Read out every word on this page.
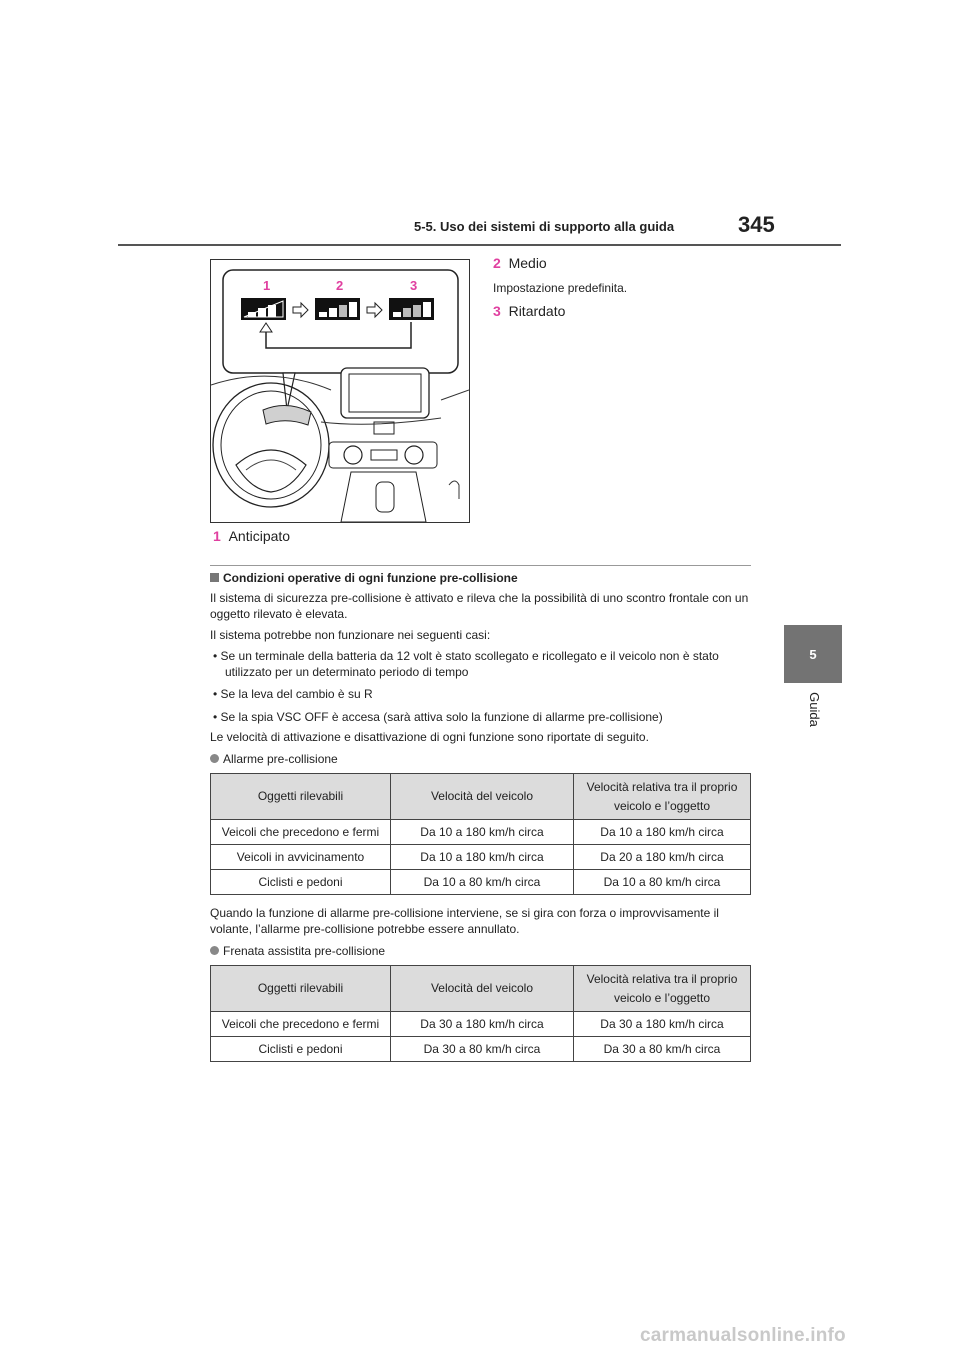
5-5. Uso dei sistemi di supporto alla guida	345
5
Guida
1	2	3
2 Medio
Impostazione predefinita.
3 Ritardato
1 Anticipato
Condizioni operative di ogni funzione pre-collisione
Il sistema di sicurezza pre-collisione è attivato e rileva che la possibilità di uno scontro frontale con un oggetto rilevato è elevata.
Il sistema potrebbe non funzionare nei seguenti casi:
• Se un terminale della batteria da 12 volt è stato scollegato e ricollegato e il veicolo non è stato utilizzato per un determinato periodo di tempo
• Se la leva del cambio è su R
• Se la spia VSC OFF è accesa (sarà attiva solo la funzione di allarme pre-collisione)
Le velocità di attivazione e disattivazione di ogni funzione sono riportate di seguito.
Allarme pre-collisione
Oggetti rilevabili	Velocità del veicolo	Velocità relativa tra il proprio veicolo e l’oggetto
Veicoli che precedono e fermi	Da 10 a 180 km/h circa	Da 10 a 180 km/h circa
Veicoli in avvicinamento	Da 10 a 180 km/h circa	Da 20 a 180 km/h circa
Ciclisti e pedoni	Da 10 a 80 km/h circa	Da 10 a 80 km/h circa
Quando la funzione di allarme pre-collisione interviene, se si gira con forza o improvvisamente il volante, l’allarme pre-collisione potrebbe essere annullato.
Frenata assistita pre-collisione
Oggetti rilevabili	Velocità del veicolo	Velocità relativa tra il proprio veicolo e l’oggetto
Veicoli che precedono e fermi	Da 30 a 180 km/h circa	Da 30 a 180 km/h circa
Ciclisti e pedoni	Da 30 a 80 km/h circa	Da 30 a 80 km/h circa
carmanualsonline.info
